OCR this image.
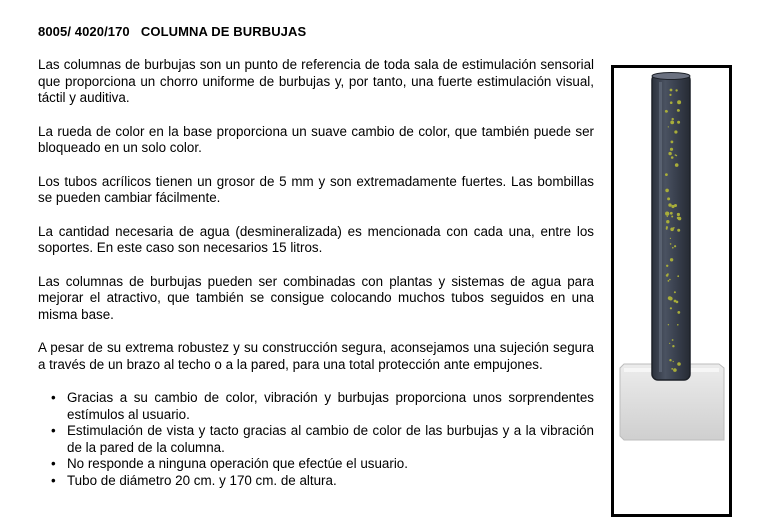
8005/ 4020/170   COLUMNA DE BURBUJAS

Las columnas de burbujas son un punto de referencia de toda sala de estimulación sensorial que proporciona un chorro uniforme de burbujas y, por tanto, una fuerte estimulación visual, táctil y auditiva.

La rueda de color en la base proporciona un suave cambio de color, que también puede ser bloqueado en un solo color.

Los tubos acrílicos tienen un grosor de 5 mm y son extremadamente fuertes. Las bombillas se pueden cambiar fácilmente.

La cantidad necesaria de agua (desmineralizada) es mencionada con cada una, entre los soportes. En este caso son necesarios 15 litros.

Las columnas de burbujas pueden ser combinadas con plantas y sistemas de agua para mejorar el atractivo, que también se consigue colocando muchos tubos seguidos en una misma base.

A pesar de su extrema robustez y su construcción segura, aconsejamos una sujeción segura a través de un brazo al techo o a la pared, para una total protección ante empujones.

• Gracias a su cambio de color, vibración y burbujas proporciona unos sorprendentes estímulos al usuario.
• Estimulación de vista y tacto gracias al cambio de color de las burbujas y a la vibración de la pared de la columna.
• No responde a ninguna operación que efectúe el usuario.
• Tubo de diámetro 20 cm. y 170 cm. de altura.
